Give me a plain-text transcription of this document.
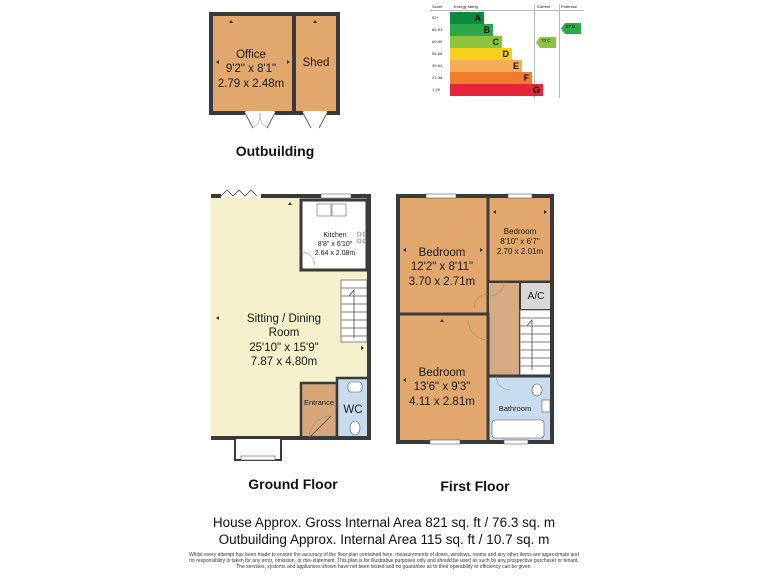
Score	Energy rating	Current	Potential
92+	A
81-91	B
69-80	C
55-68	D
39-54	E
21-38	F
1-20	G
70 C
87 B
Office
9'2" x 8'1"
2.79 x 2.48m
Shed
Outbuilding
Kitchen
8'8" x 6'10"
2.64 x 2.08m
Sitting / Dining
Room
25'10" x 15'9"
7.87 x 4.80m
Entrance
WC
Ground Floor
Bedroom
12'2" x 8'11"
3.70 x 2.71m
Bedroom
8'10" x 6'7"
2.70 x 2.01m
A/C
Bedroom
13'6" x 9'3"
4.11 x 2.81m
Bathroom
First Floor
House Approx. Gross Internal Area 821 sq. ft / 76.3 sq. m
Outbuilding Approx. Internal Area 115 sq. ft / 10.7 sq. m
Whilst every attempt has been made to ensure the accuracy of the floor plan contained here, measurements of doors, windows, rooms and any other items are approximate and
no responsibility is taken for any error, omission, or mis-statement. This plan is for illustrative purposes only and should be used as such by any prospective purchaser or tenant.
The services, systems and appliances shown have not been tested and no guarantee as to their operability or efficiency can be given.
